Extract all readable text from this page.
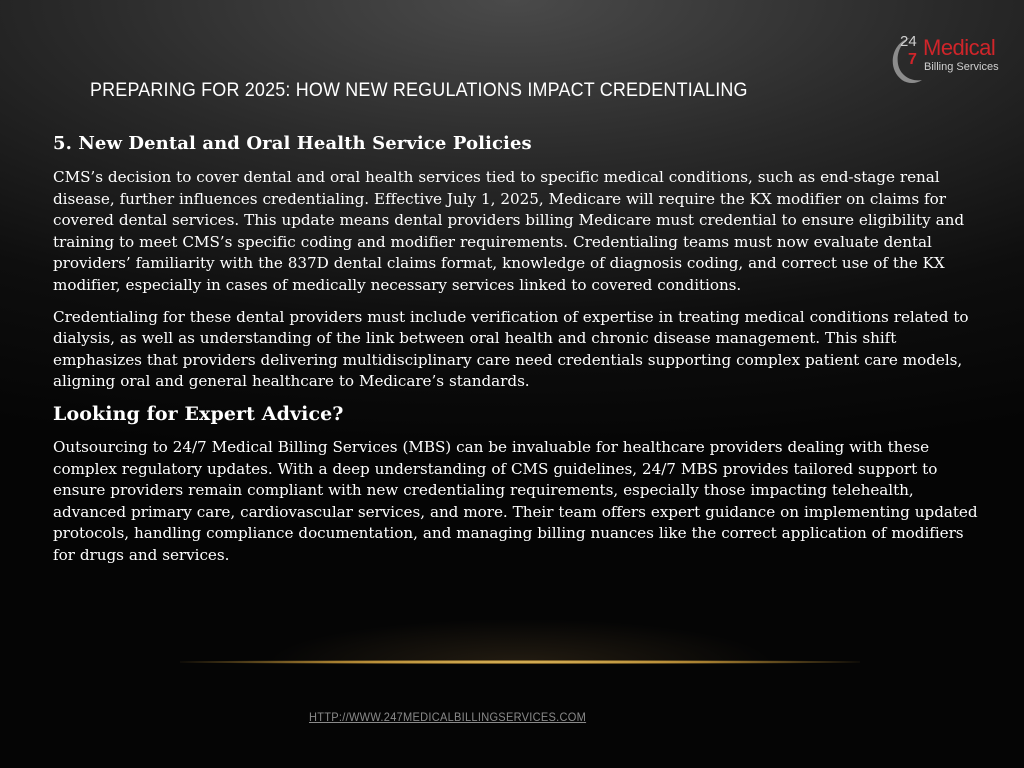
24
7 Medical
Billing Services
PREPARING FOR 2025: HOW NEW REGULATIONS IMPACT CREDENTIALING
5. New Dental and Oral Health Service Policies

CMS’s decision to cover dental and oral health services tied to specific medical conditions, such as end-stage renal disease, further influences credentialing. Effective July 1, 2025, Medicare will require the KX modifier on claims for covered dental services. This update means dental providers billing Medicare must credential to ensure eligibility and training to meet CMS’s specific coding and modifier requirements. Credentialing teams must now evaluate dental providers’ familiarity with the 837D dental claims format, knowledge of diagnosis coding, and correct use of the KX modifier, especially in cases of medically necessary services linked to covered conditions.

Credentialing for these dental providers must include verification of expertise in treating medical conditions related to dialysis, as well as understanding of the link between oral health and chronic disease management. This shift emphasizes that providers delivering multidisciplinary care need credentials supporting complex patient care models, aligning oral and general healthcare to Medicare’s standards.

Looking for Expert Advice?

Outsourcing to 24/7 Medical Billing Services (MBS) can be invaluable for healthcare providers dealing with these complex regulatory updates. With a deep understanding of CMS guidelines, 24/7 MBS provides tailored support to ensure providers remain compliant with new credentialing requirements, especially those impacting telehealth, advanced primary care, cardiovascular services, and more. Their team offers expert guidance on implementing updated protocols, handling compliance documentation, and managing billing nuances like the correct application of modifiers for drugs and services.

HTTP://WWW.247MEDICALBILLINGSERVICES.COM
